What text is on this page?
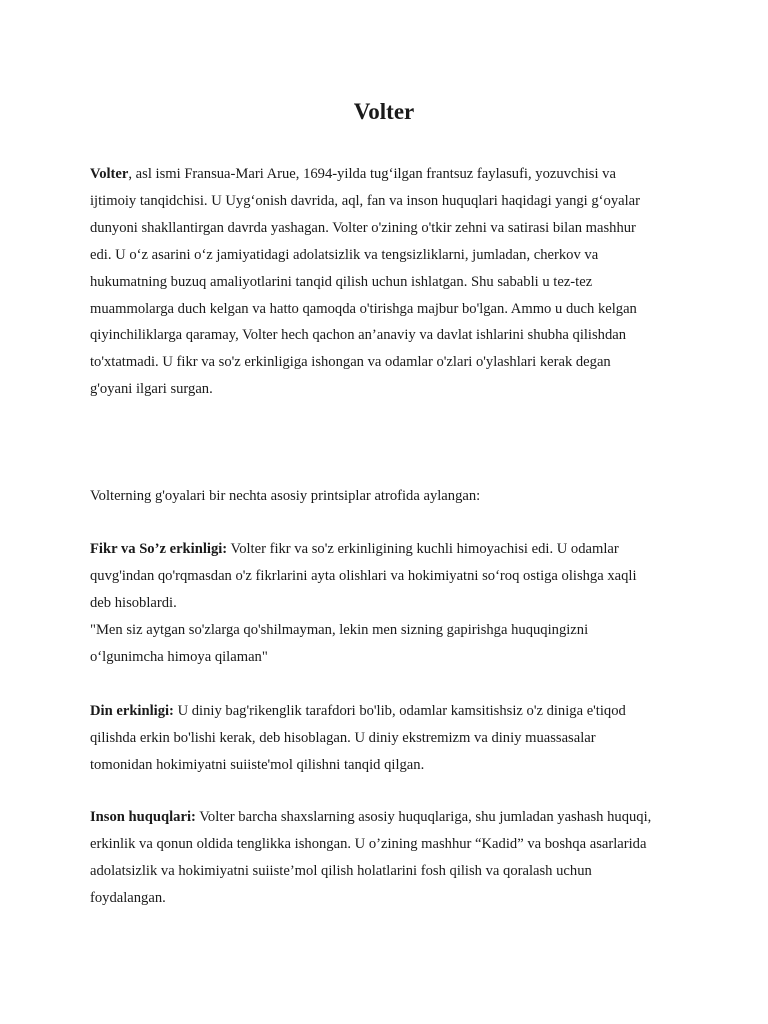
Volter

Volter, asl ismi Fransua-Mari Arue, 1694-yilda tug‘ilgan frantsuz faylasufi, yozuvchisi va
ijtimoiy tanqidchisi. U Uyg‘onish davrida, aql, fan va inson huquqlari haqidagi yangi g‘oyalar
dunyoni shakllantirgan davrda yashagan. Volter o'zining o'tkir zehni va satirasi bilan mashhur
edi. U o‘z asarini o‘z jamiyatidagi adolatsizlik va tengsizliklarni, jumladan, cherkov va
hukumatning buzuq amaliyotlarini tanqid qilish uchun ishlatgan. Shu sababli u tez-tez
muammolarga duch kelgan va hatto qamoqda o'tirishga majbur bo'lgan. Ammo u duch kelgan
qiyinchiliklarga qaramay, Volter hech qachon an’anaviy va davlat ishlarini shubha qilishdan
to'xtatmadi. U fikr va so'z erkinligiga ishongan va odamlar o'zlari o'ylashlari kerak degan
g'oyani ilgari surgan.

Volterning g'oyalari bir nechta asosiy printsiplar atrofida aylangan:

Fikr va So’z erkinligi: Volter fikr va so'z erkinligining kuchli himoyachisi edi. U odamlar
quvg'indan qo'rqmasdan o'z fikrlarini ayta olishlari va hokimiyatni so‘roq ostiga olishga xaqli
deb hisoblardi.
"Men siz aytgan so'zlarga qo'shilmayman, lekin men sizning gapirishga huquqingizni
o‘lgunimcha himoya qilaman"

Din erkinligi: U diniy bag'rikenglik tarafdori bo'lib, odamlar kamsitishsiz o'z diniga e'tiqod
qilishda erkin bo'lishi kerak, deb hisoblagan. U diniy ekstremizm va diniy muassasalar
tomonidan hokimiyatni suiiste'mol qilishni tanqid qilgan.

Inson huquqlari: Volter barcha shaxslarning asosiy huquqlariga, shu jumladan yashash huquqi,
erkinlik va qonun oldida tenglikka ishongan. U o’zining mashhur “Kadid” va boshqa asarlarida
adolatsizlik va hokimiyatni suiiste’mol qilish holatlarini fosh qilish va qoralash uchun
foydalangan.
